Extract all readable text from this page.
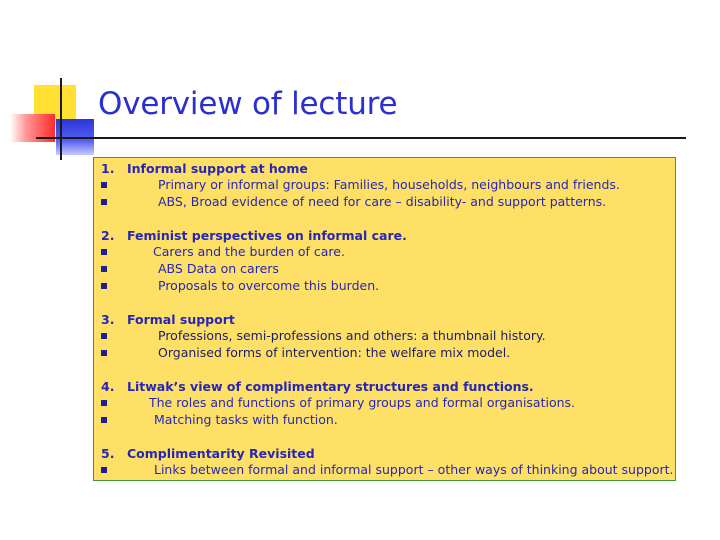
Overview of lecture
1. Informal support at home
Primary or informal groups: Families, households, neighbours and friends.
ABS, Broad evidence of need for care – disability- and support patterns.
2. Feminist perspectives on informal care.
Carers and the burden of care.
ABS Data on carers
Proposals to overcome this burden.
3. Formal support
Professions, semi-professions and others: a thumbnail history.
Organised forms of intervention: the welfare mix model.
4. Litwak’s view of complimentary structures and functions.
The roles and functions of primary groups and formal organisations.
Matching tasks with function.
5. Complimentarity Revisited
Links between formal and informal support – other ways of thinking about support.
